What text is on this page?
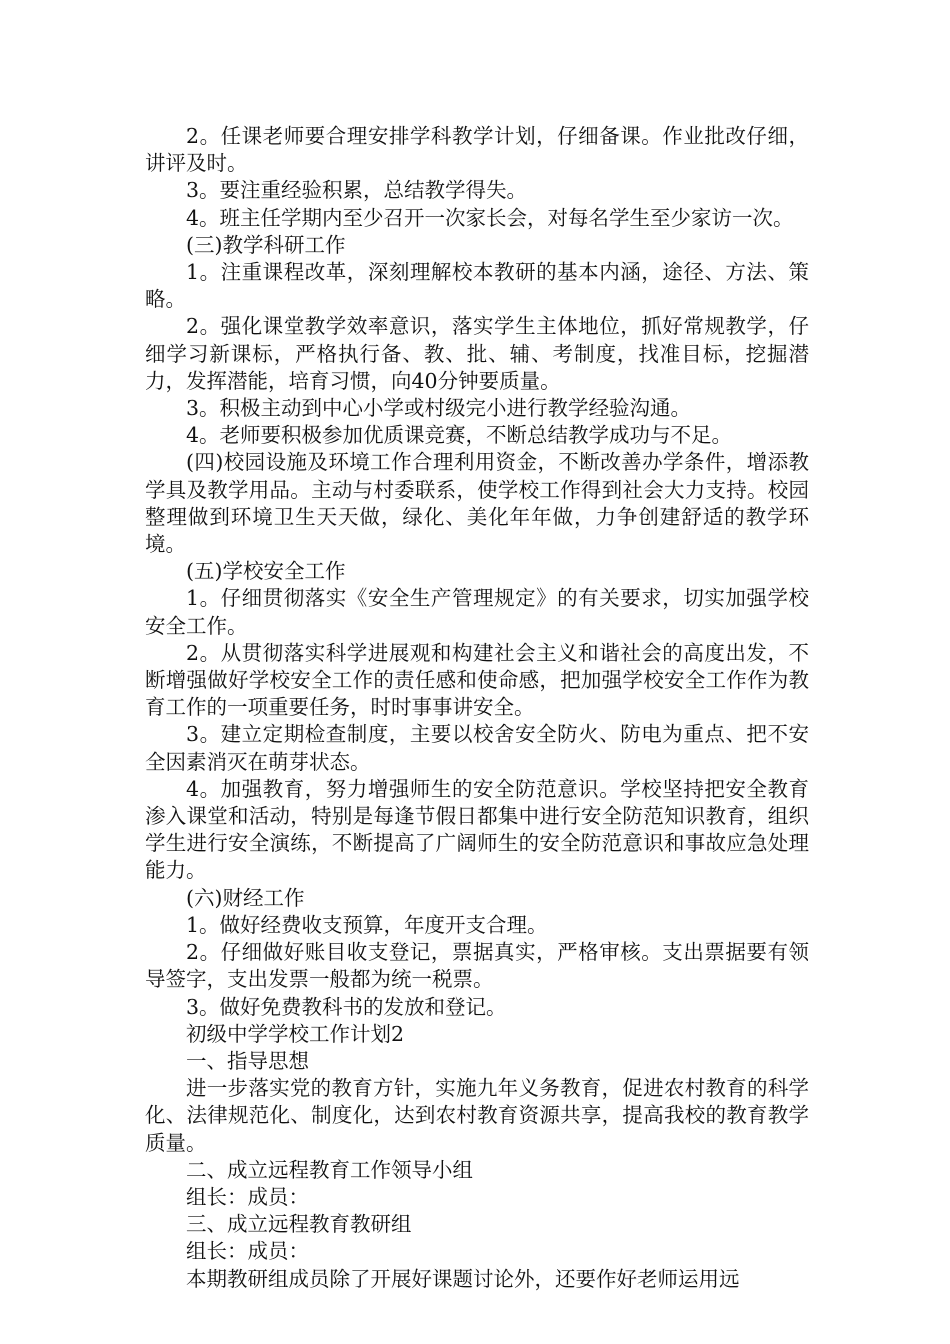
2。任课老师要合理安排学科教学计划，仔细备课。作业批改仔细，讲评及时。

3。要注重经验积累，总结教学得失。

4。班主任学期内至少召开一次家长会，对每名学生至少家访一次。

(三)教学科研工作

1。注重课程改革，深刻理解校本教研的基本内涵，途径、方法、策略。

2。强化课堂教学效率意识，落实学生主体地位，抓好常规教学，仔细学习新课标，严格执行备、教、批、辅、考制度，找准目标，挖掘潜力，发挥潜能，培育习惯，向40分钟要质量。

3。积极主动到中心小学或村级完小进行教学经验沟通。

4。老师要积极参加优质课竞赛，不断总结教学成功与不足。

(四)校园设施及环境工作合理利用资金，不断改善办学条件，增添教学具及教学用品。主动与村委联系，使学校工作得到社会大力支持。校园整理做到环境卫生天天做，绿化、美化年年做，力争创建舒适的教学环境。

(五)学校安全工作

1。仔细贯彻落实《安全生产管理规定》的有关要求，切实加强学校安全工作。

2。从贯彻落实科学进展观和构建社会主义和谐社会的高度出发，不断增强做好学校安全工作的责任感和使命感，把加强学校安全工作作为教育工作的一项重要任务，时时事事讲安全。

3。建立定期检查制度，主要以校舍安全防火、防电为重点、把不安全因素消灭在萌芽状态。

4。加强教育，努力增强师生的安全防范意识。学校坚持把安全教育渗入课堂和活动，特别是每逢节假日都集中进行安全防范知识教育，组织学生进行安全演练，不断提高了广阔师生的安全防范意识和事故应急处理能力。

(六)财经工作

1。做好经费收支预算，年度开支合理。

2。仔细做好账目收支登记，票据真实，严格审核。支出票据要有领导签字，支出发票一般都为统一税票。

3。做好免费教科书的发放和登记。

初级中学学校工作计划2

一、指导思想

进一步落实党的教育方针，实施九年义务教育，促进农村教育的科学化、法律规范化、制度化，达到农村教育资源共享，提高我校的教育教学质量。

二、成立远程教育工作领导小组

组长：成员：

三、成立远程教育教研组

组长：成员：

本期教研组成员除了开展好课题讨论外，还要作好老师运用远
